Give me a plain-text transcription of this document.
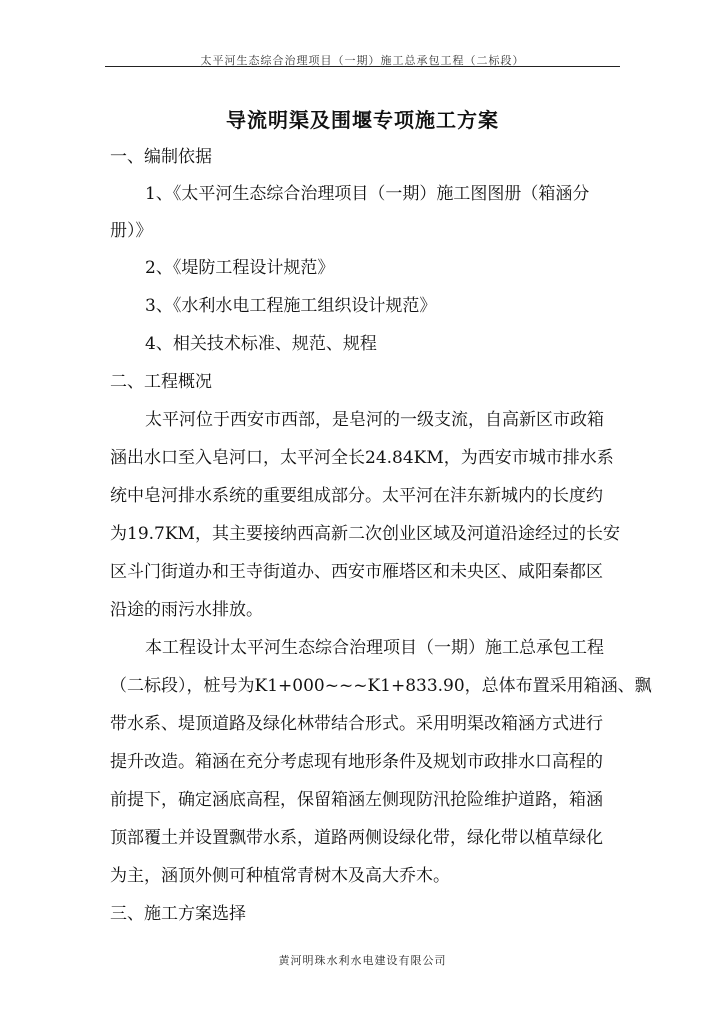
太平河生态综合治理项目（一期）施工总承包工程（二标段）
导流明渠及围堰专项施工方案
一、编制依据
1、《太平河生态综合治理项目（一期）施工图图册（箱涵分
册）》
2、《堤防工程设计规范》
3、《水利水电工程施工组织设计规范》
4、相关技术标准、规范、规程
二、工程概况
太平河位于西安市西部，是皂河的一级支流，自高新区市政箱
涵出水口至入皂河口，太平河全长24.84KM，为西安市城市排水系
统中皂河排水系统的重要组成部分。太平河在沣东新城内的长度约
为19.7KM，其主要接纳西高新二次创业区域及河道沿途经过的长安
区斗门街道办和王寺街道办、西安市雁塔区和未央区、咸阳秦都区
沿途的雨污水排放。
本工程设计太平河生态综合治理项目（一期）施工总承包工程
（二标段），桩号为K1+000~~~K1+833.90，总体布置采用箱涵、飘
带水系、堤顶道路及绿化林带结合形式。采用明渠改箱涵方式进行
提升改造。箱涵在充分考虑现有地形条件及规划市政排水口高程的
前提下，确定涵底高程，保留箱涵左侧现防汛抢险维护道路，箱涵
顶部覆土并设置飘带水系，道路两侧设绿化带，绿化带以植草绿化
为主，涵顶外侧可种植常青树木及高大乔木。
三、施工方案选择
黄河明珠水利水电建设有限公司
